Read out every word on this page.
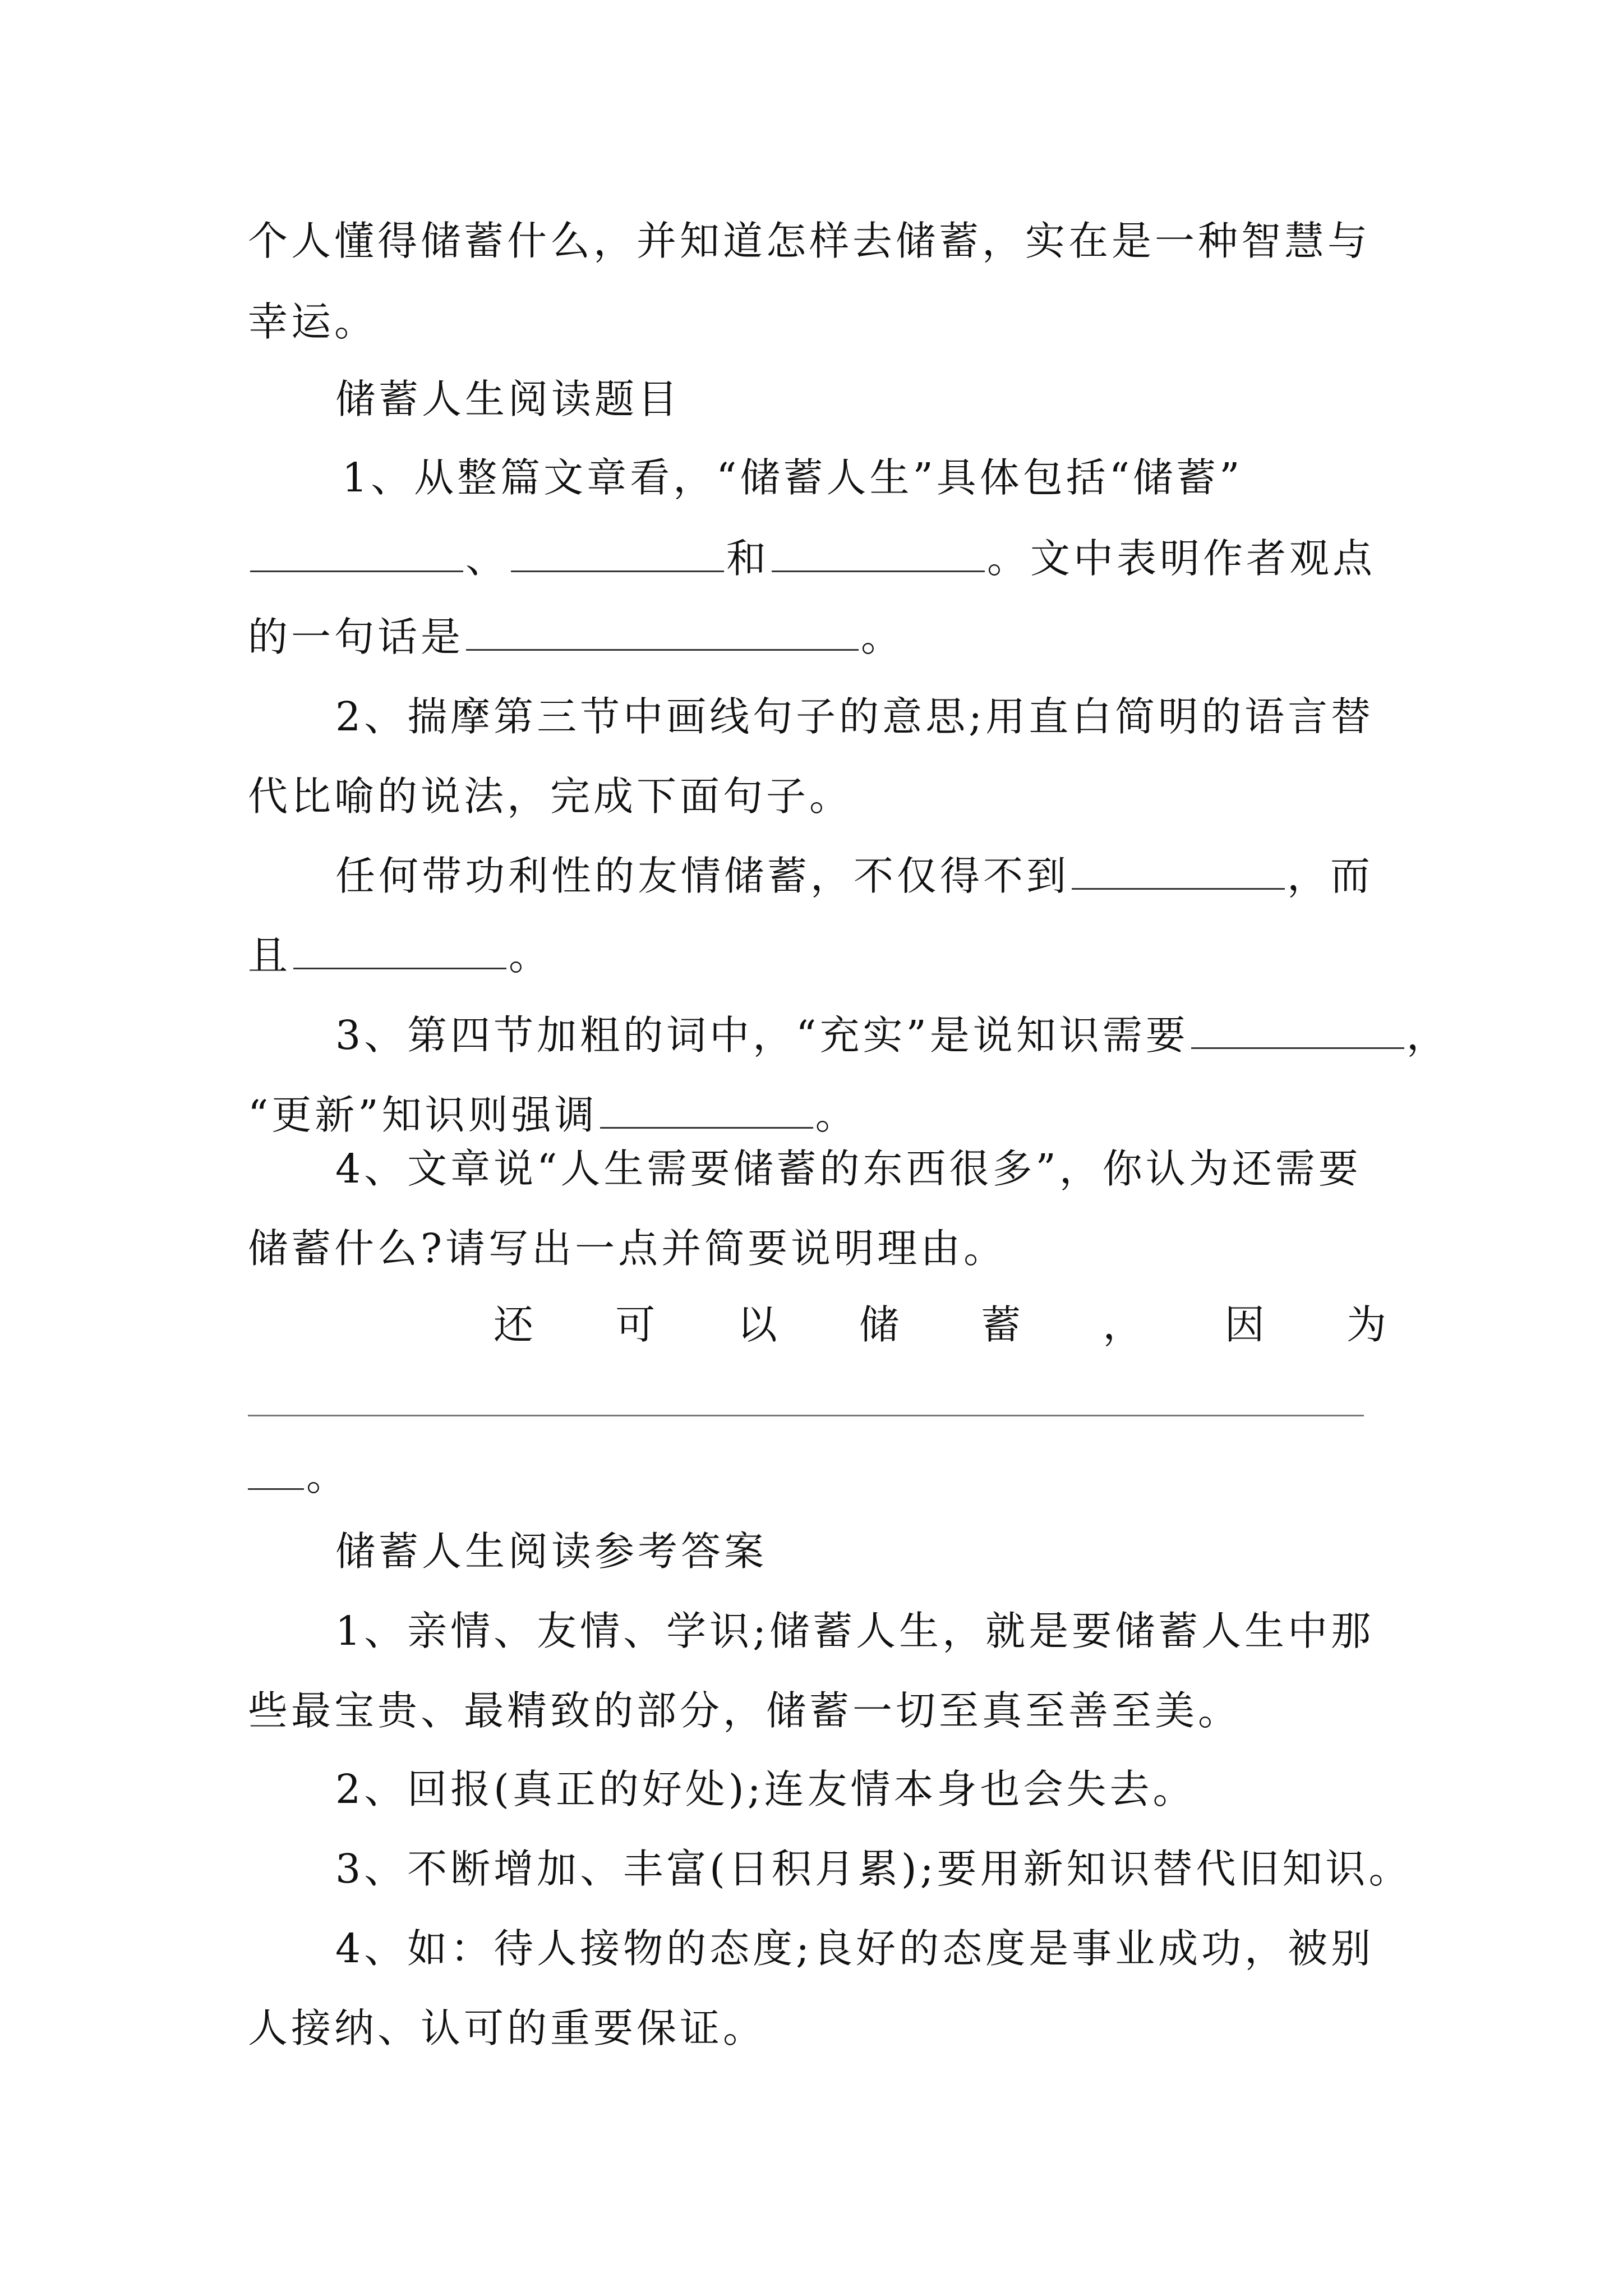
个人懂得储蓄什么，并知道怎样去储蓄，实在是一种智慧与
幸运。
储蓄人生阅读题目
1、从整篇文章看，“储蓄人生”具体包括“储蓄”
、	和	。文中表明作者观点
的一句话是	。
2、揣摩第三节中画线句子的意思;用直白简明的语言替
代比喻的说法，完成下面句子。
任何带功利性的友情储蓄，不仅得不到	，而
且	。
3、第四节加粗的词中，“充实”是说知识需要	，
“更新”知识则强调	。
4、文章说“人生需要储蓄的东西很多”，你认为还需要
储蓄什么?请写出一点并简要说明理由。
还 可 以 储 蓄 ， 因 为
。
储蓄人生阅读参考答案
1、亲情、友情、学识;储蓄人生，就是要储蓄人生中那
些最宝贵、最精致的部分，储蓄一切至真至善至美。
2、回报(真正的好处);连友情本身也会失去。
3、不断增加、丰富(日积月累);要用新知识替代旧知识。
4、如：待人接物的态度;良好的态度是事业成功，被别
人接纳、认可的重要保证。
